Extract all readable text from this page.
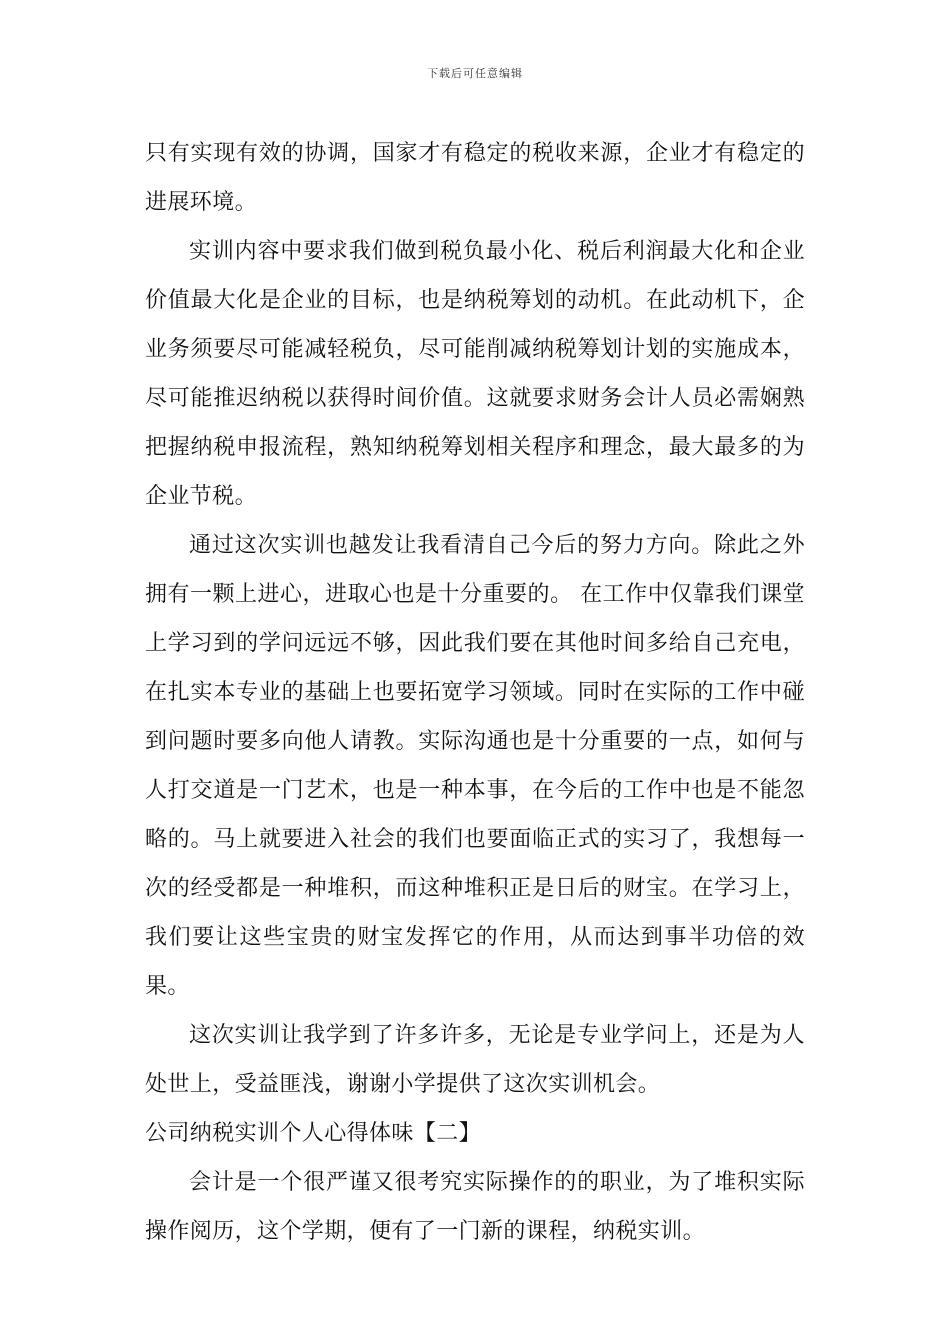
下载后可任意编辑

只有实现有效的协调，国家才有稳定的税收来源，企业才有稳定的进展环境。

实训内容中要求我们做到税负最小化、税后利润最大化和企业价值最大化是企业的目标，也是纳税筹划的动机。在此动机下，企业务须要尽可能减轻税负，尽可能削减纳税筹划计划的实施成本，尽可能推迟纳税以获得时间价值。这就要求财务会计人员必需娴熟把握纳税申报流程，熟知纳税筹划相关程序和理念，最大最多的为企业节税。

通过这次实训也越发让我看清自己今后的努力方向。除此之外拥有一颗上进心，进取心也是十分重要的。 在工作中仅靠我们课堂上学习到的学问远远不够，因此我们要在其他时间多给自己充电，在扎实本专业的基础上也要拓宽学习领域。同时在实际的工作中碰到问题时要多向他人请教。实际沟通也是十分重要的一点，如何与人打交道是一门艺术，也是一种本事，在今后的工作中也是不能忽略的。马上就要进入社会的我们也要面临正式的实习了，我想每一次的经受都是一种堆积，而这种堆积正是日后的财宝。在学习上，我们要让这些宝贵的财宝发挥它的作用，从而达到事半功倍的效果。

这次实训让我学到了许多许多，无论是专业学问上，还是为人处世上，受益匪浅，谢谢小学提供了这次实训机会。

公司纳税实训个人心得体味【二】

会计是一个很严谨又很考究实际操作的的职业，为了堆积实际操作阅历，这个学期，便有了一门新的课程，纳税实训。
